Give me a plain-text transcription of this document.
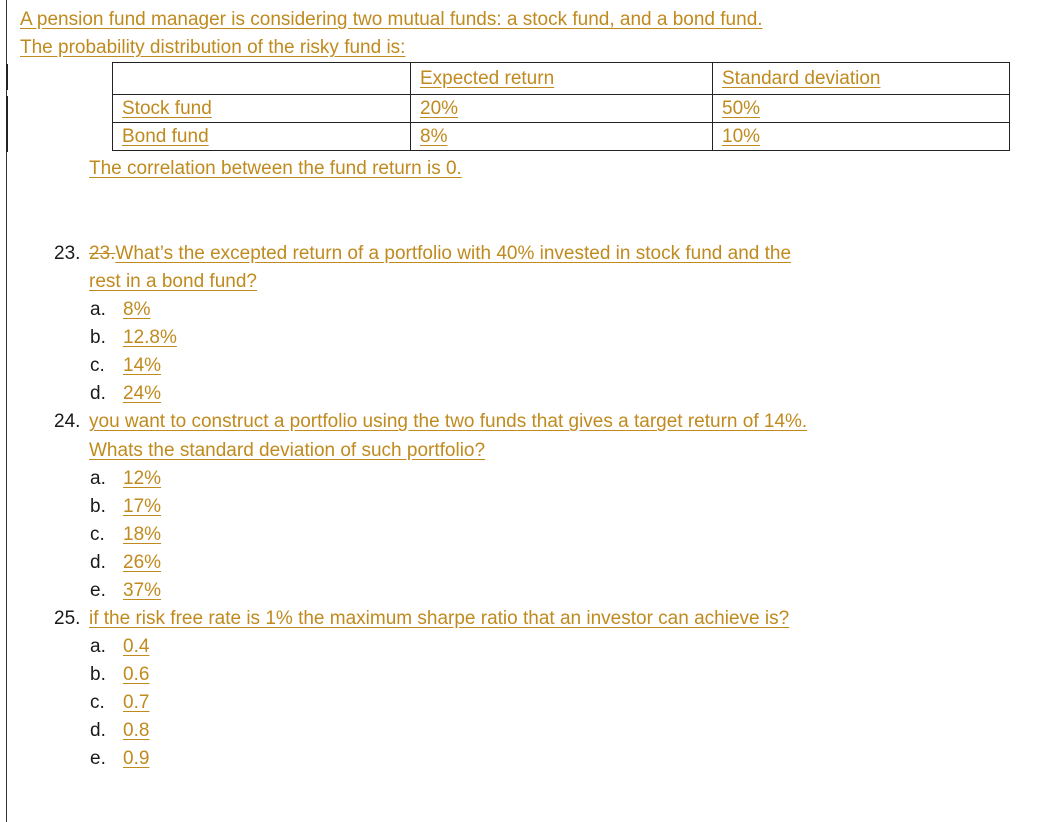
A pension fund manager is considering two mutual funds: a stock fund, and a bond fund.
The probability distribution of the risky fund is:
	Expected return	Standard deviation
Stock fund	20%	50%
Bond fund	8%	10%
The correlation between the fund return is 0.
23. 23.What’s the excepted return of a portfolio with 40% invested in stock fund and the
rest in a bond fund?
a. 8%
b. 12.8%
c. 14%
d. 24%
24. you want to construct a portfolio using the two funds that gives a target return of 14%.
Whats the standard deviation of such portfolio?
a. 12%
b. 17%
c. 18%
d. 26%
e. 37%
25. if the risk free rate is 1% the maximum sharpe ratio that an investor can achieve is?
a. 0.4
b. 0.6
c. 0.7
d. 0.8
e. 0.9
